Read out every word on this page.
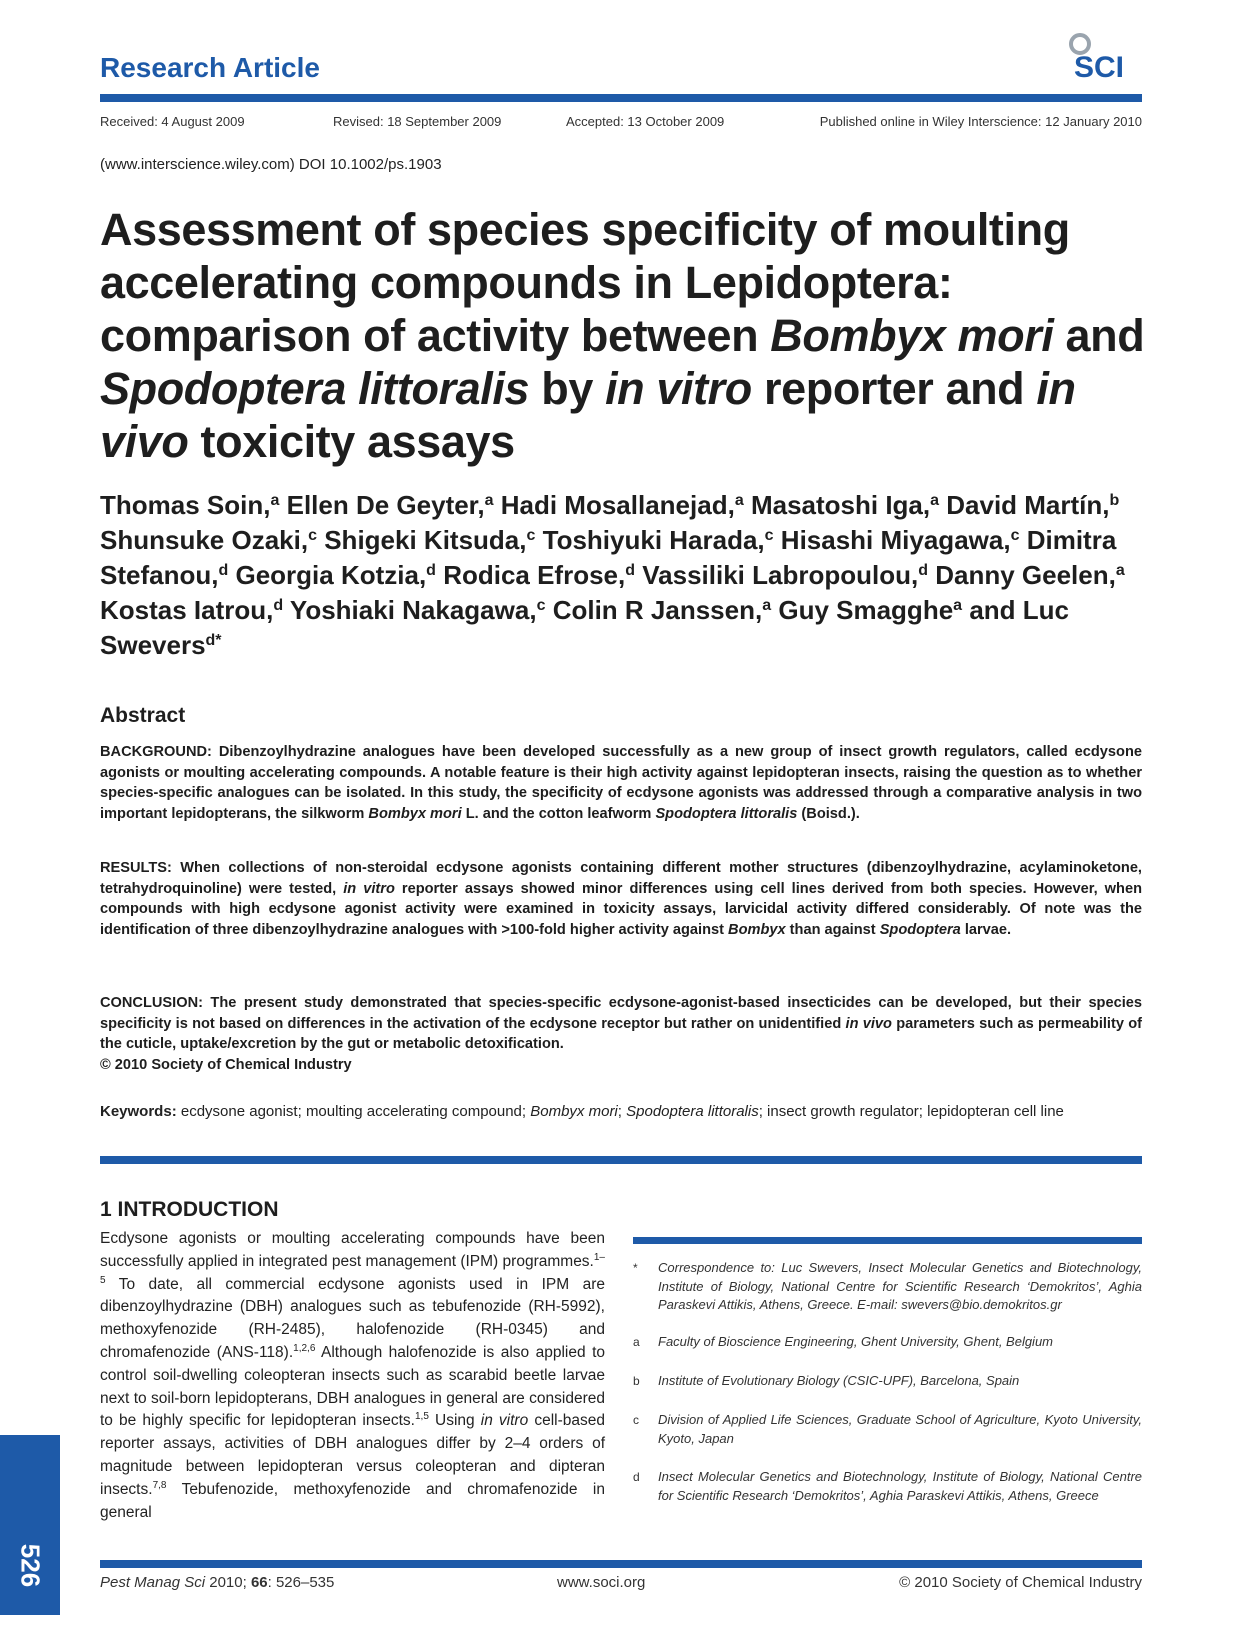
Research Article	SCI
Received: 4 August 2009	Revised: 18 September 2009	Accepted: 13 October 2009	Published online in Wiley Interscience: 12 January 2010
(www.interscience.wiley.com) DOI 10.1002/ps.1903
Assessment of species specificity of moulting accelerating compounds in Lepidoptera: comparison of activity between Bombyx mori and Spodoptera littoralis by in vitro reporter and in vivo toxicity assays
Thomas Soin,$^a$ Ellen De Geyter,$^a$ Hadi Mosallanejad,$^a$ Masatoshi Iga,$^a$ David Martín,$^b$ Shunsuke Ozaki,$^c$ Shigeki Kitsuda,$^c$ Toshiyuki Harada,$^c$ Hisashi Miyagawa,$^c$ Dimitra Stefanou,$^d$ Georgia Kotzia,$^d$ Rodica Efrose,$^d$ Vassiliki Labropoulou,$^d$ Danny Geelen,$^a$ Kostas Iatrou,$^d$ Yoshiaki Nakagawa,$^c$ Colin R Janssen,$^a$ Guy Smagghe$^a$ and Luc Swevers$^{d*}$
Abstract
BACKGROUND: Dibenzoylhydrazine analogues have been developed successfully as a new group of insect growth regulators, called ecdysone agonists or moulting accelerating compounds. A notable feature is their high activity against lepidopteran insects, raising the question as to whether species-specific analogues can be isolated. In this study, the specificity of ecdysone agonists was addressed through a comparative analysis in two important lepidopterans, the silkworm Bombyx mori L. and the cotton leafworm Spodoptera littoralis (Boisd.).
RESULTS: When collections of non-steroidal ecdysone agonists containing different mother structures (dibenzoylhydrazine, acylaminoketone, tetrahydroquinoline) were tested, in vitro reporter assays showed minor differences using cell lines derived from both species. However, when compounds with high ecdysone agonist activity were examined in toxicity assays, larvicidal activity differed considerably. Of note was the identification of three dibenzoylhydrazine analogues with >100-fold higher activity against Bombyx than against Spodoptera larvae.
CONCLUSION: The present study demonstrated that species-specific ecdysone-agonist-based insecticides can be developed, but their species specificity is not based on differences in the activation of the ecdysone receptor but rather on unidentified in vivo parameters such as permeability of the cuticle, uptake/excretion by the gut or metabolic detoxification.
© 2010 Society of Chemical Industry
Keywords: ecdysone agonist; moulting accelerating compound; Bombyx mori; Spodoptera littoralis; insect growth regulator; lepidopteran cell line
1 INTRODUCTION
Ecdysone agonists or moulting accelerating compounds have been successfully applied in integrated pest management (IPM) programmes.$^{1-5}$ To date, all commercial ecdysone agonists used in IPM are dibenzoylhydrazine (DBH) analogues such as tebufenozide (RH-5992), methoxyfenozide (RH-2485), halofenozide (RH-0345) and chromafenozide (ANS-118).$^{1,2,6}$ Although halofenozide is also applied to control soil-dwelling coleopteran insects such as scarabid beetle larvae next to soil-born lepidopterans, DBH analogues in general are considered to be highly specific for lepidopteran insects.$^{1,5}$ Using in vitro cell-based reporter assays, activities of DBH analogues differ by 2–4 orders of magnitude between lepidopteran versus coleopteran and dipteran insects.$^{7,8}$ Tebufenozide, methoxyfenozide and chromafenozide in general
* Correspondence to: Luc Swevers, Insect Molecular Genetics and Biotechnology, Institute of Biology, National Centre for Scientific Research ‘Demokritos’, Aghia Paraskevi Attikis, Athens, Greece. E-mail: swevers@bio.demokritos.gr
a Faculty of Bioscience Engineering, Ghent University, Ghent, Belgium
b Institute of Evolutionary Biology (CSIC-UPF), Barcelona, Spain
c Division of Applied Life Sciences, Graduate School of Agriculture, Kyoto University, Kyoto, Japan
d Insect Molecular Genetics and Biotechnology, Institute of Biology, National Centre for Scientific Research ‘Demokritos’, Aghia Paraskevi Attikis, Athens, Greece
526	Pest Manag Sci 2010; 66: 526–535	www.soci.org	© 2010 Society of Chemical Industry
